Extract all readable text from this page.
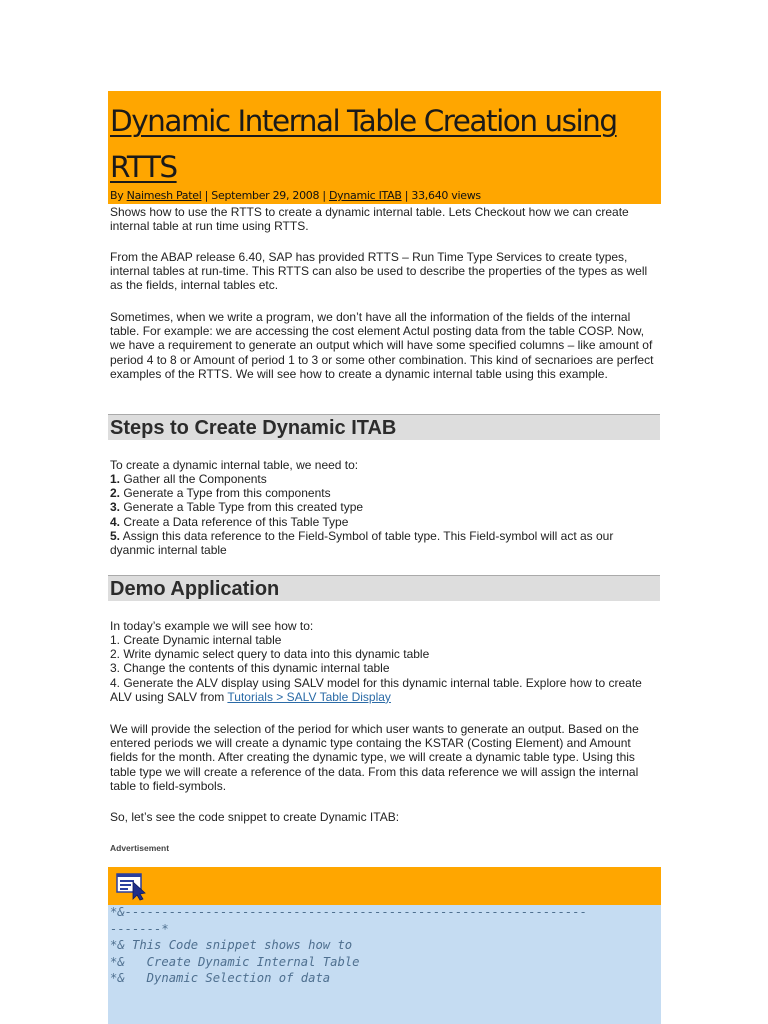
Dynamic Internal Table Creation using RTTS
By Naimesh Patel | September 29, 2008 | Dynamic ITAB | 33,640 views

Shows how to use the RTTS to create a dynamic internal table. Lets Checkout how we can create internal table at run time using RTTS.

From the ABAP release 6.40, SAP has provided RTTS – Run Time Type Services to create types, internal tables at run-time. This RTTS can also be used to describe the properties of the types as well as the fields, internal tables etc.

Sometimes, when we write a program, we don’t have all the information of the fields of the internal table. For example: we are accessing the cost element Actul posting data from the table COSP. Now, we have a requirement to generate an output which will have some specified columns – like amount of period 4 to 8 or Amount of period 1 to 3 or some other combination. This kind of secnarioes are perfect examples of the RTTS. We will see how to create a dynamic internal table using this example.

Steps to Create Dynamic ITAB

To create a dynamic internal table, we need to:

1. Gather all the Components
2. Generate a Type from this components
3. Generate a Table Type from this created type
4. Create a Data reference of this Table Type
5. Assign this data reference to the Field-Symbol of table type. This Field-symbol will act as our dyanmic internal table
Demo Application

In today’s example we will see how to:

1. Create Dynamic internal table
2. Write dynamic select query to data into this dynamic table
3. Change the contents of this dynamic internal table
4. Generate the ALV display using SALV model for this dynamic internal table. Explore how to create ALV using SALV from Tutorials > SALV Table Display

We will provide the selection of the period for which user wants to generate an output. Based on the entered periods we will create a dynamic type containg the KSTAR (Costing Element) and Amount fields for the month. After creating the dynamic type, we will create a dynamic table type. Using this table type we will create a reference of the data. From this data reference we will assign the internal table to field-symbols.

So, let’s see the code snippet to create Dynamic ITAB:

Advertisement
*&---------------------------------------------------------------
-------*
*& This Code snippet shows how to
*&   Create Dynamic Internal Table
*&   Dynamic Selection of data
